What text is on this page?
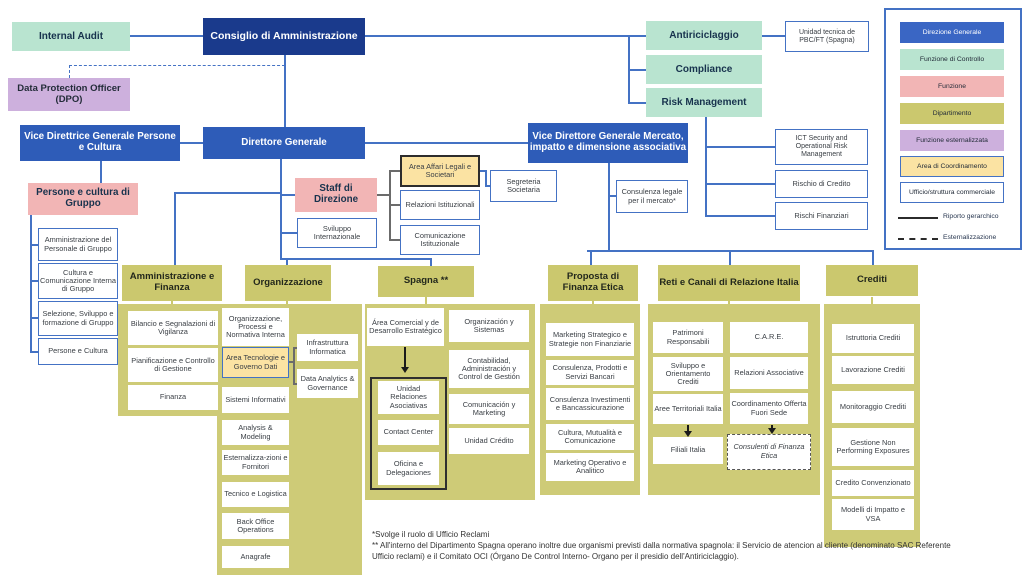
Internal Audit	Consiglio di Amministrazione
Data Protection Officer (DPO)
Antiriciclaggio
Compliance
Risk Management
Unidad tecnica de PBC/FT (Spagna)
Vice Direttrice Generale Persone e Cultura	Direttore Generale	Vice Direttore Generale Mercato, impatto e dimensione associativa
ICT Security and Operational Risk Management
Rischio di Credito
Rischi Finanziari
Persone e cultura di Gruppo
Amministrazione del Personale di Gruppo
Cultura e Comunicazione Interna di Gruppo
Selezione, Sviluppo e formazione di Gruppo
Persone e Cultura
Staff di Direzione
Area Affari Legali e Societari
Relazioni Istituzionali
Comunicazione Istituzionale
Segreteria Societaria
Sviluppo Internazionale
Consulenza legale per il mercato*
Amministrazione e Finanza	Organizzazione	Spagna **	Proposta di Finanza Etica	Reti e Canali di Relazione Italia	Crediti
Bilancio e Segnalazioni di Vigilanza
Pianificazione e Controllo di Gestione
Finanza
Organizzazione, Processi e Normativa Interna
Area Tecnologie e Governo Dati
Sistemi Informativi
Analysis & Modeling
Esternalizza-zioni e Fornitori
Tecnico e Logistica
Back Office Operations
Anagrafe
Infrastruttura Informatica
Data Analytics & Governance
Área Comercial y de Desarrollo Estratégico
Unidad Relaciones Asociativas
Contact Center
Oficina e Delegaciones
Organización y Sistemas
Contabilidad, Administración y Control de Gestión
Comunicación y Marketing
Unidad Crédito
Marketing Strategico e Strategie non Finanziarie
Consulenza, Prodotti e Servizi Bancari
Consulenza Investimenti e Bancassicurazione
Cultura, Mutualità e Comunicazione
Marketing Operativo e Analitico
Patrimoni Responsabili
Sviluppo e Orientamento Crediti
Aree Territoriali Italia
Filiali Italia
C.A.R.E.
Relazioni Associative
Coordinamento Offerta Fuori Sede
Consulenti di Finanza Etica
Istruttoria Crediti
Lavorazione Crediti
Monitoraggio Crediti
Gestione Non Performing Exposures
Credito Convenzionato
Modelli di Impatto e VSA
Direzione Generale
Funzione di Controllo
Funzione
Dipartimento
Funzione esternalizzata
Area di Coordinamento
Ufficio/struttura commerciale
Riporto gerarchico
Esternalizzazione
*Svolge il ruolo di Ufficio Reclami
** All'interno del Dipartimento Spagna operano inoltre due organismi previsti dalla normativa spagnola: il Servicio de atencion al cliente (denominato SAC Referente Ufficio reclami) e il Comitato OCI (Órgano De Control Interno- Organo per il presidio dell'Antiriciclaggio).
